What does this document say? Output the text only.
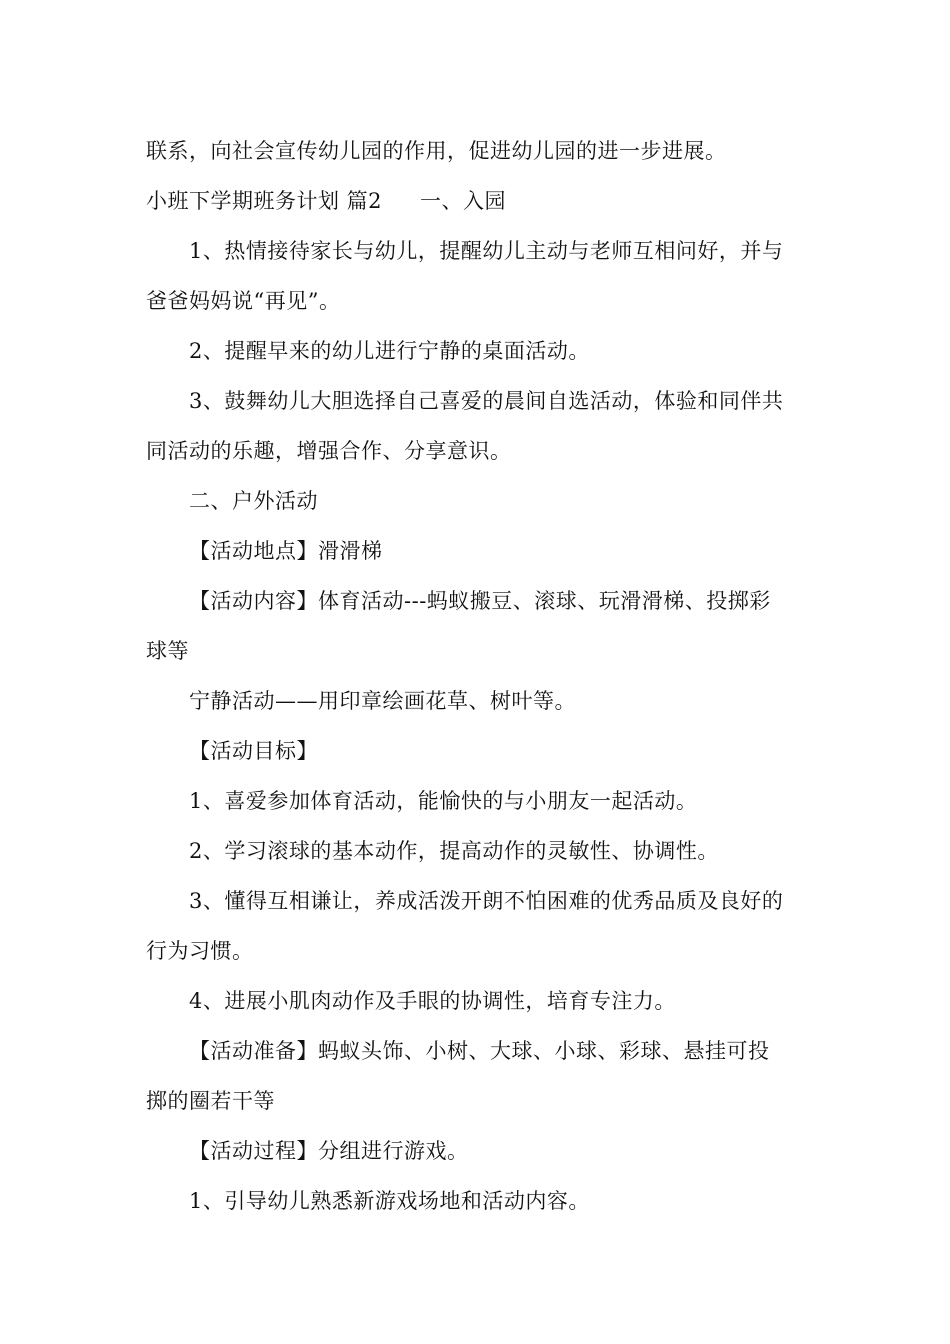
联系，向社会宣传幼儿园的作用，促进幼儿园的进一步进展。
小班下学期班务计划 篇2 一、入园
1、热情接待家长与幼儿，提醒幼儿主动与老师互相问好，并与
爸爸妈妈说“再见”。
2、提醒早来的幼儿进行宁静的桌面活动。
3、鼓舞幼儿大胆选择自己喜爱的晨间自选活动，体验和同伴共
同活动的乐趣，增强合作、分享意识。
二、户外活动
【活动地点】滑滑梯
【活动内容】体育活动---蚂蚁搬豆、滚球、玩滑滑梯、投掷彩
球等
宁静活动——用印章绘画花草、树叶等。
【活动目标】
1、喜爱参加体育活动，能愉快的与小朋友一起活动。
2、学习滚球的基本动作，提高动作的灵敏性、协调性。
3、懂得互相谦让，养成活泼开朗不怕困难的优秀品质及良好的
行为习惯。
4、进展小肌肉动作及手眼的协调性，培育专注力。
【活动准备】蚂蚁头饰、小树、大球、小球、彩球、悬挂可投
掷的圈若干等
【活动过程】分组进行游戏。
1、引导幼儿熟悉新游戏场地和活动内容。
